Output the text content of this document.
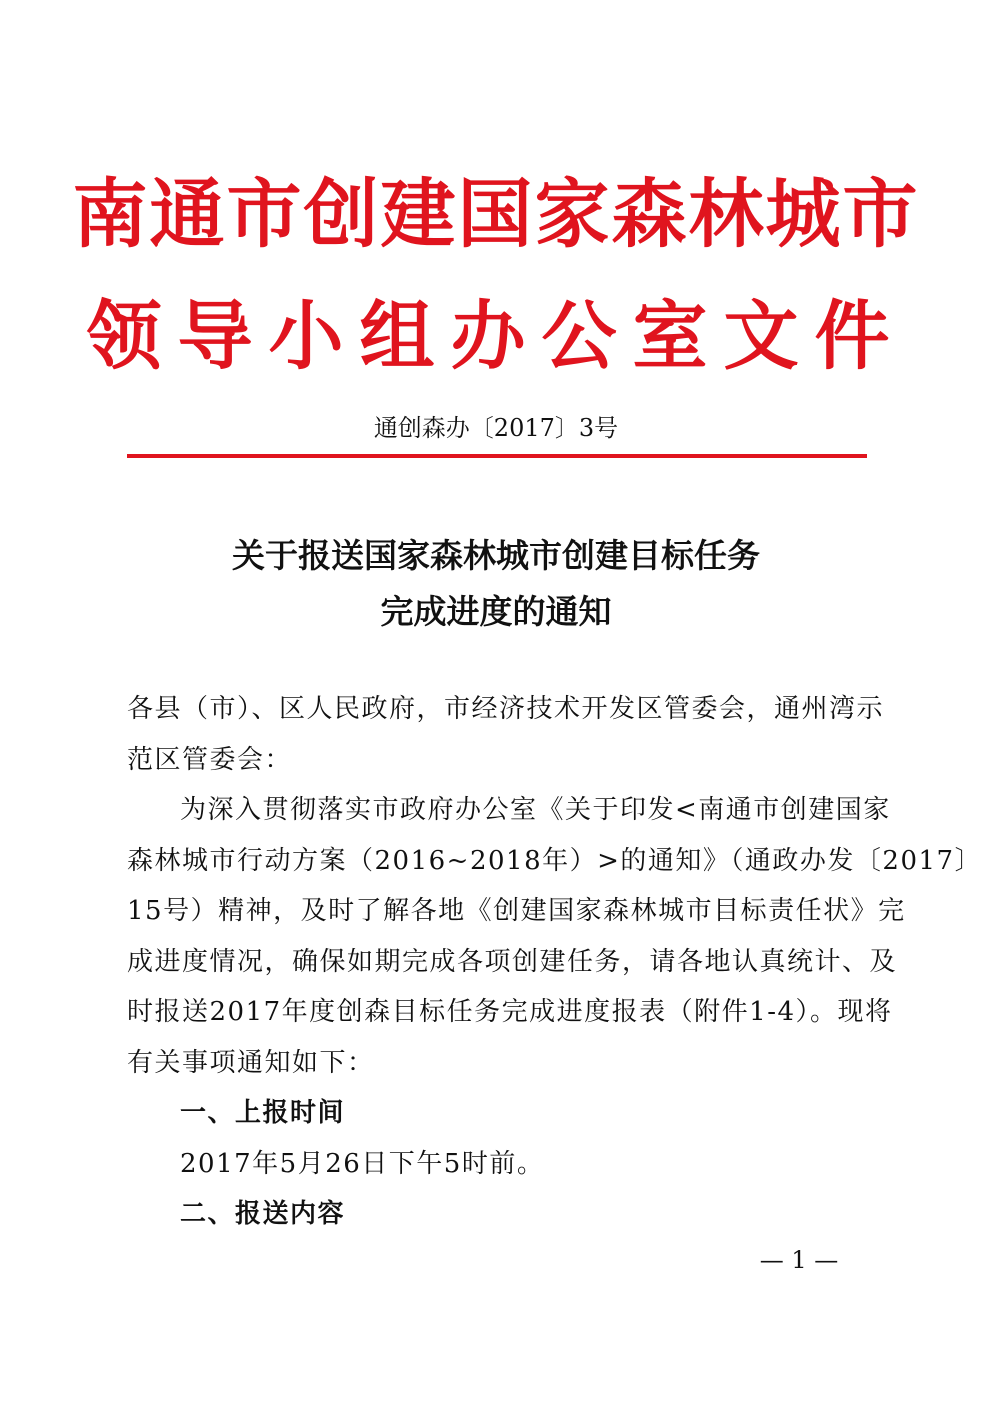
南通市创建国家森林城市
领导小组办公室文件
通创森办〔2017〕3号
关于报送国家森林城市创建目标任务
完成进度的通知
各县（市）、区人民政府，市经济技术开发区管委会，通州湾示
范区管委会：
为深入贯彻落实市政府办公室《关于印发<南通市创建国家
森林城市行动方案（2016~2018年）>的通知》（通政办发〔2017〕
15号）精神，及时了解各地《创建国家森林城市目标责任状》完
成进度情况，确保如期完成各项创建任务，请各地认真统计、及
时报送2017年度创森目标任务完成进度报表（附件1-4）。现将
有关事项通知如下：
一、上报时间
2017年5月26日下午5时前。
二、报送内容
— 1 —
